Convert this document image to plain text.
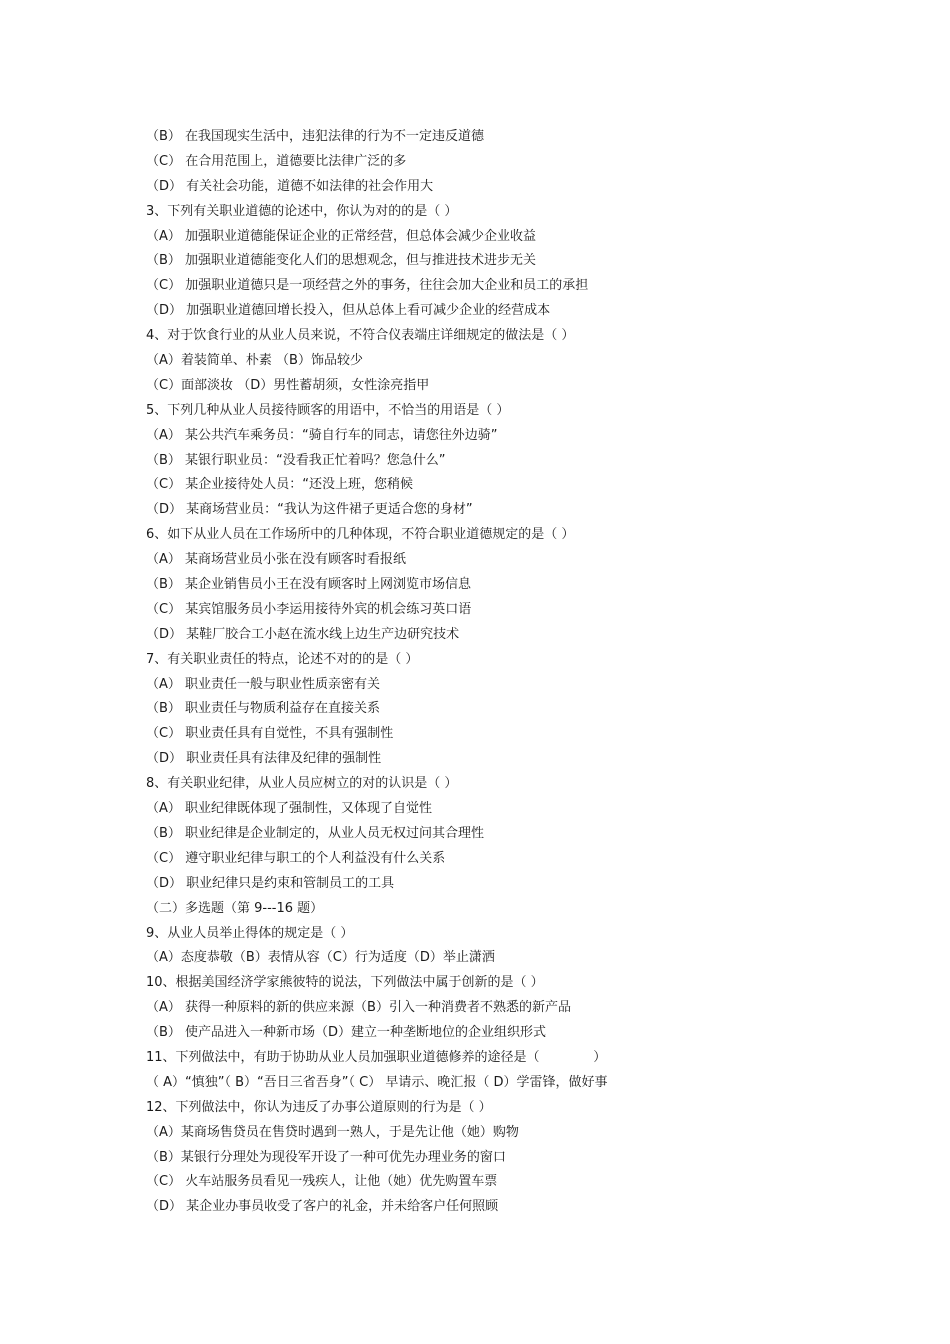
（B） 在我国现实生活中，违犯法律的行为不一定违反道德
（C） 在合用范围上，道德要比法律广泛的多
（D） 有关社会功能，道德不如法律的社会作用大
3、下列有关职业道德的论述中，你认为对的的是（ ）
（A） 加强职业道德能保证企业的正常经营，但总体会减少企业收益
（B） 加强职业道德能变化人们的思想观念，但与推进技术进步无关
（C） 加强职业道德只是一项经营之外的事务，往往会加大企业和员工的承担
（D） 加强职业道德回增长投入，但从总体上看可减少企业的经营成本
4、对于饮食行业的从业人员来说，不符合仪表端庄详细规定的做法是（ ）
（A）着装简单、朴素 （B）饰品较少
（C）面部淡妆 （D）男性蓄胡须，女性涂亮指甲
5、下列几种从业人员接待顾客的用语中，不恰当的用语是（ ）
（A） 某公共汽车乘务员：“骑自行车的同志，请您往外边骑”
（B） 某银行职业员：“没看我正忙着吗？您急什么”
（C） 某企业接待处人员：“还没上班，您稍候
（D） 某商场营业员：“我认为这件裙子更适合您的身材”
6、如下从业人员在工作场所中的几种体现，不符合职业道德规定的是（ ）
（A） 某商场营业员小张在没有顾客时看报纸
（B） 某企业销售员小王在没有顾客时上网浏览市场信息
（C） 某宾馆服务员小李运用接待外宾的机会练习英口语
（D） 某鞋厂胶合工小赵在流水线上边生产边研究技术
7、有关职业责任的特点，论述不对的的是（ ）
（A） 职业责任一般与职业性质亲密有关
（B） 职业责任与物质利益存在直接关系
（C） 职业责任具有自觉性，不具有强制性
（D） 职业责任具有法律及纪律的强制性
8、有关职业纪律，从业人员应树立的对的认识是（ ）
（A） 职业纪律既体现了强制性，又体现了自觉性
（B） 职业纪律是企业制定的，从业人员无权过问其合理性
（C） 遵守职业纪律与职工的个人利益没有什么关系
（D） 职业纪律只是约束和管制员工的工具
（二）多选题（第 9---16 题）
9、从业人员举止得体的规定是（ ）
（A）态度恭敬（B）表情从容（C）行为适度（D）举止潇洒
10、根据美国经济学家熊彼特的说法，下列做法中属于创新的是（ ）
（A） 获得一种原料的新的供应来源（B）引入一种消费者不熟悉的新产品
（B） 使产品进入一种新市场（D）建立一种垄断地位的企业组织形式
11、下列做法中，有助于协助从业人员加强职业道德修养的途径是（             ）
（ A）“慎独”（ B）“吾日三省吾身”（ C） 早请示、晚汇报（ D）学雷锋，做好事
12、下列做法中，你认为违反了办事公道原则的行为是（ ）
（A）某商场售贷员在售贷时遇到一熟人，于是先让他（她）购物
（B）某银行分理处为现役军开设了一种可优先办理业务的窗口
（C） 火车站服务员看见一残疾人，让他（她）优先购置车票
（D） 某企业办事员收受了客户的礼金，并未给客户任何照顾
